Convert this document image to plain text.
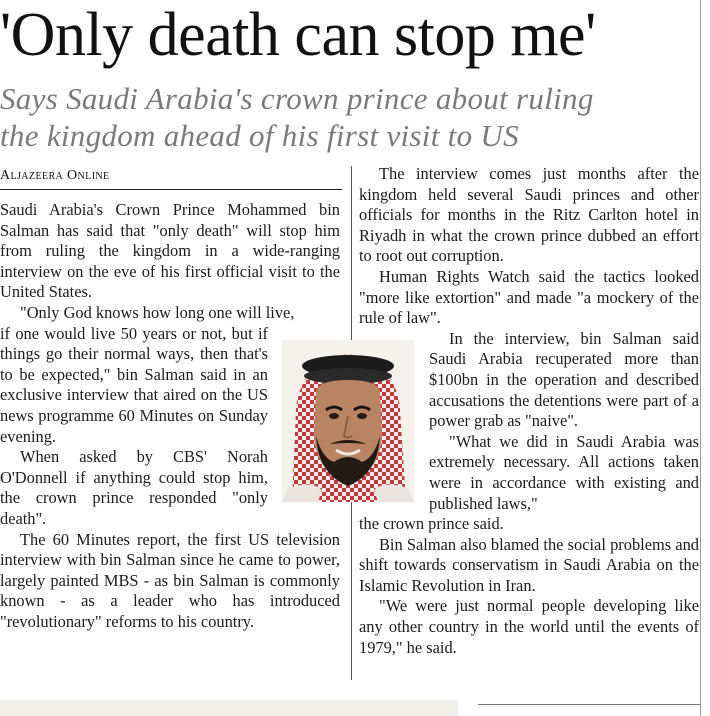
'Only death can stop me'
Says Saudi Arabia's crown prince about ruling
the kingdom ahead of his first visit to US
Aljazeera Online

Saudi Arabia's Crown Prince Mohammed bin Salman has said that "only death" will stop him from ruling the kingdom in a wide-ranging interview on the eve of his first official visit to the United States.

"Only God knows how long one will live,

if one would live 50 years or not, but if things go their normal ways, then that's to be expected," bin Salman said in an exclusive interview that aired on the US news programme 60 Minutes on Sunday evening.

When asked by CBS' Norah O'Donnell if anything could stop him, the crown prince responded "only death".

The 60 Minutes report, the first US television interview with bin Salman since he came to power, largely painted MBS - as bin Salman is commonly known - as a leader who has introduced "revolutionary" reforms to his country.

The interview comes just months after the kingdom held several Saudi princes and other officials for months in the Ritz Carlton hotel in Riyadh in what the crown prince dubbed an effort to root out corruption.

Human Rights Watch said the tactics looked "more like extortion" and made "a mockery of the rule of law".

In the interview, bin Salman said Saudi Arabia recuperated more than $100bn in the operation and described accusations the detentions were part of a power grab as "naive".

"What we did in Saudi Arabia was extremely necessary. All actions taken were in accordance with existing and published laws,"

the crown prince said.

Bin Salman also blamed the social problems and shift towards conservatism in Saudi Arabia on the Islamic Revolution in Iran.

"We were just normal people developing like any other country in the world until the events of 1979," he said.
